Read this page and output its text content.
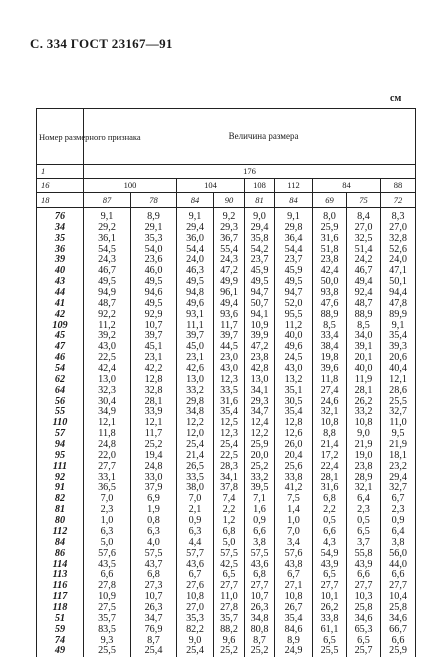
С. 334 ГОСТ 23167—91
см
Номер размерного признака	Величина размера								
1	176								
16	100		104		108	112	84		88
18	87	78	84	90	81	84	69	75	72
76	9,1	8,9	9,1	9,2	9,0	9,1	8,0	8,4	8,3
34	29,2	29,1	29,4	29,3	29,4	29,8	25,9	27,0	27,0
35	36,1	35,3	36,0	36,7	35,8	36,4	31,6	32,5	32,8
36	54,5	54,0	54,4	55,4	54,2	54,4	51,8	51,4	52,6
39	24,3	23,6	24,0	24,3	23,7	23,7	23,8	24,2	24,0
40	46,7	46,0	46,3	47,2	45,9	45,9	42,4	46,7	47,1
43	49,5	49,5	49,5	49,9	49,5	49,5	50,0	49,4	50,1
44	94,9	94,6	94,8	96,1	94,7	94,7	93,8	92,4	94,4
41	48,7	49,5	49,6	49,4	50,7	52,0	47,6	48,7	47,8
42	92,2	92,9	93,1	93,6	94,1	95,5	88,9	88,9	89,9
109	11,2	10,7	11,1	11,7	10,9	11,2	8,5	8,5	9,1
45	39,2	39,7	39,7	39,7	39,9	40,0	33,4	34,0	35,4
47	43,0	45,1	45,0	44,5	47,2	49,6	38,4	39,1	39,3
46	22,5	23,1	23,1	23,0	23,8	24,5	19,8	20,1	20,6
54	42,4	42,2	42,6	43,0	42,8	43,0	39,6	40,0	40,4
62	13,0	12,8	13,0	12,3	13,0	13,2	11,8	11,9	12,1
64	32,3	32,8	33,2	33,5	34,1	35,1	27,4	28,1	28,6
56	30,4	28,1	29,8	31,6	29,3	30,5	24,6	26,2	25,5
55	34,9	33,9	34,8	35,4	34,7	35,4	32,1	33,2	32,7
110	12,1	12,1	12,2	12,5	12,4	12,8	10,8	10,8	11,0
57	11,8	11,7	12,0	12,3	12,2	12,6	8,8	9,0	9,5
94	24,8	25,2	25,4	25,4	25,9	26,0	21,4	21,9	21,9
95	22,0	19,4	21,4	22,5	20,0	20,4	17,2	19,0	18,1
111	27,7	24,8	26,5	28,3	25,2	25,6	22,4	23,8	23,2
92	33,1	33,0	33,5	34,1	33,2	33,8	28,1	28,9	29,4
91	36,5	37,9	38,0	37,8	39,5	41,2	31,6	32,1	32,7
82	7,0	6,9	7,0	7,4	7,1	7,5	6,8	6,4	6,7
81	2,3	1,9	2,1	2,2	1,6	1,4	2,2	2,3	2,3
80	1,0	0,8	0,9	1,2	0,9	1,0	0,5	0,5	0,9
112	6,3	6,3	6,3	6,8	6,6	7,0	6,6	6,5	6,4
84	5,0	4,0	4,4	5,0	3,8	3,4	4,3	3,7	3,8
86	57,6	57,5	57,7	57,5	57,5	57,6	54,9	55,8	56,0
114	43,5	43,7	43,6	42,5	43,6	43,8	43,9	43,9	44,0
113	6,6	6,8	6,7	6,5	6,8	6,7	6,5	6,6	6,6
116	27,8	27,3	27,6	27,7	27,7	27,1	27,7	27,7	27,7
117	10,9	10,7	10,8	11,0	10,7	10,8	10,1	10,3	10,4
118	27,5	26,3	27,0	27,8	26,3	26,7	26,2	25,8	25,8
51	35,7	34,7	35,3	35,7	34,8	35,4	33,8	34,6	34,6
59	83,5	76,9	82,2	88,2	80,8	84,6	61,1	65,3	66,7
74	9,3	8,7	9,0	9,6	8,7	8,9	6,5	6,5	6,6
49	25,5	25,4	25,4	25,2	25,2	24,9	25,5	25,7	25,9
